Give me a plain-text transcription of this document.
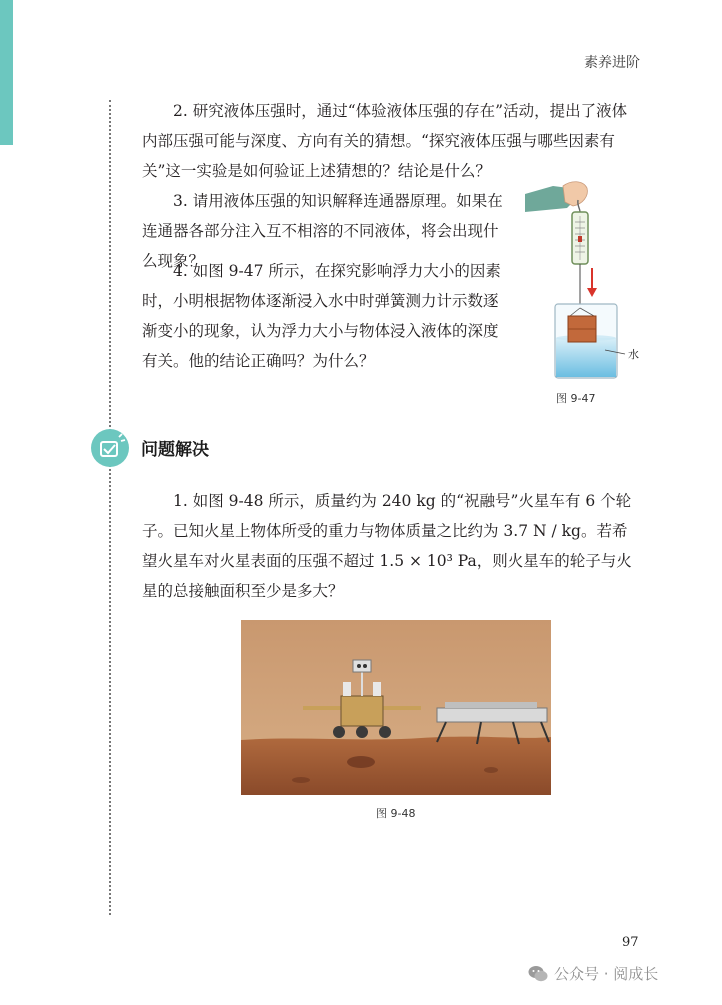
素养进阶

2. 研究液体压强时，通过“体验液体压强的存在”活动，提出了液体内部压强可能与深度、方向有关的猜想。“探究液体压强与哪些因素有关”这一实验是如何验证上述猜想的？结论是什么？

3. 请用液体压强的知识解释连通器原理。如果在连通器各部分注入互不相溶的不同液体，将会出现什么现象？

4. 如图 9-47 所示，在探究影响浮力大小的因素时，小明根据物体逐渐浸入水中时弹簧测力计示数逐渐变小的现象，认为浮力大小与物体浸入液体的深度有关。他的结论正确吗？为什么？	水
图 9-47
问题解决

1. 如图 9-48 所示，质量约为 240 kg 的“祝融号”火星车有 6 个轮子。已知火星上物体所受的重力与物体质量之比约为 3.7 N / kg。若希望火星车对火星表面的压强不超过 1.5 × 10³ Pa，则火星车的轮子与火星的总接触面积至少是多大？

图 9-48
97
公众号 · 阅成长
